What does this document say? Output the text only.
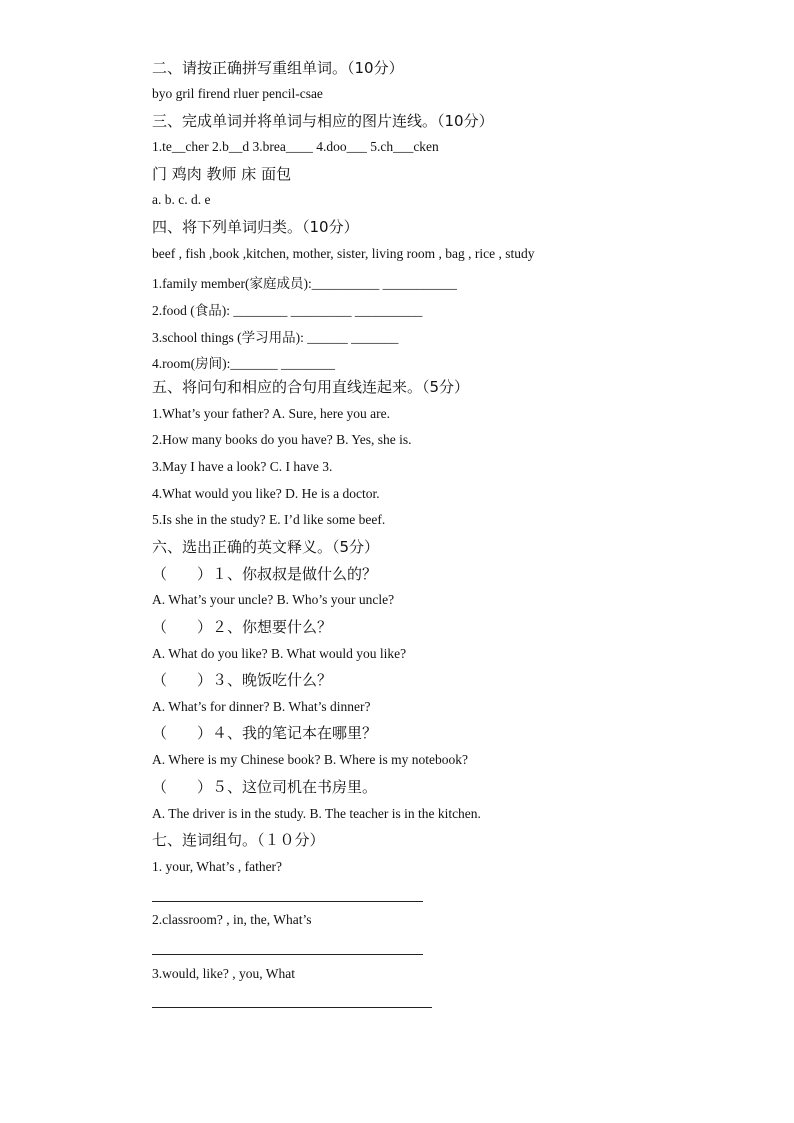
二、请按正确拼写重组单词。（10分）
byo gril firend rluer pencil-csae
三、完成单词并将单词与相应的图片连线。（10分）
1.te__cher 2.b__d 3.brea____ 4.doo___ 5.ch___cken
门 鸡肉 教师 床 面包
a. b. c. d. e
四、将下列单词归类。（10分）
beef , fish ,book ,kitchen, mother, sister, living room , bag , rice , study
1.family member(家庭成员):__________ ___________
2.food (食品): ________ _________ __________
3.school things (学习用品): ______ _______
4.room(房间):_______ ________
五、将问句和相应的合句用直线连起来。（5分）
1.What’s your father? A. Sure, here you are.
2.How many books do you have? B. Yes, she is.
3.May I have a look? C. I have 3.
4.What would you like? D. He is a doctor.
5.Is she in the study? E. I’d like some beef.
六、选出正确的英文释义。（5分）
（　　）１、你叔叔是做什么的？
A. What’s your uncle? B. Who’s your uncle?
（　　）２、你想要什么？
A. What do you like? B. What would you like?
（　　）３、晚饭吃什么？
A. What’s for dinner? B. What’s dinner?
（　　）４、我的笔记本在哪里？
A. Where is my Chinese book? B. Where is my notebook?
（　　）５、这位司机在书房里。
A. The driver is in the study. B. The teacher is in the kitchen.
七、连词组句。（１０分）
1. your, What’s , father?
2.classroom? , in, the, What’s
3.would, like? , you, What
